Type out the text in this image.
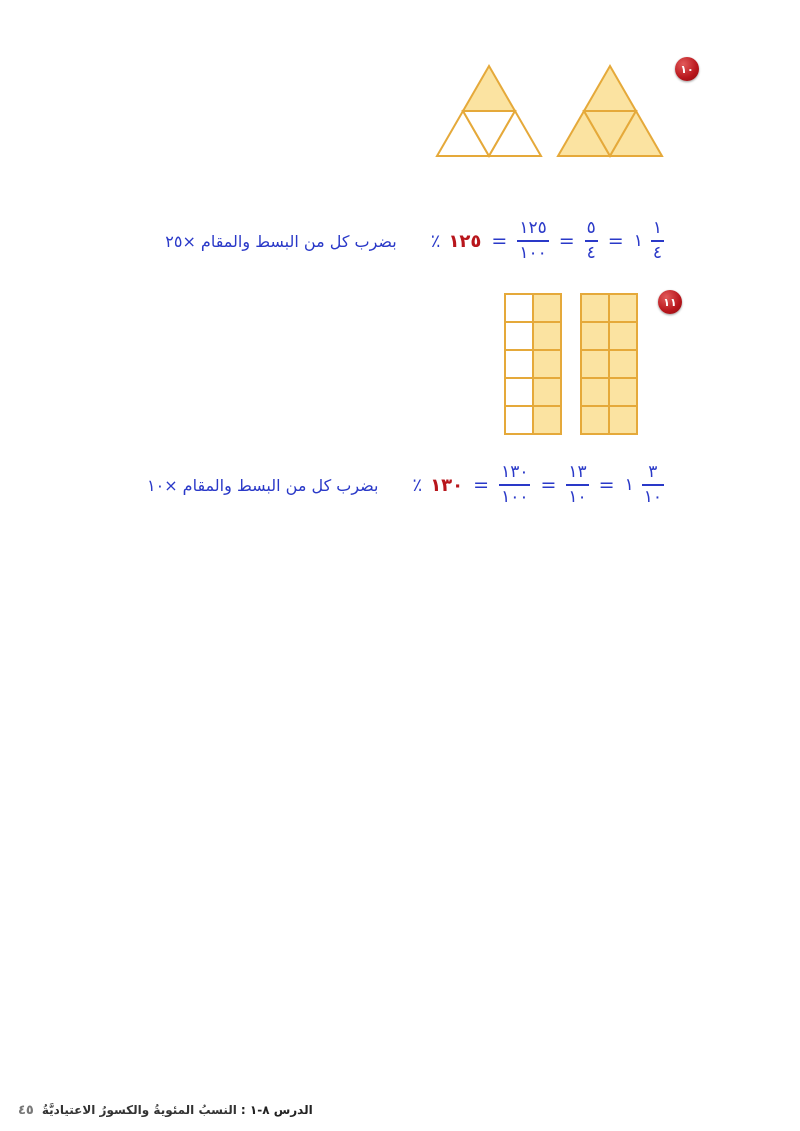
١٠
$\frac{١}{٤}$
١
=
$\frac{٥}{٤}$
=
$\frac{١٢٥}{١٠٠}$
=
١٢٥
٪
بضرب كل من البسط والمقام ×٢٥
١١
$\frac{٣}{١٠}$
١
=
$\frac{١٣}{١٠}$
=
$\frac{١٣٠}{١٠٠}$
=
١٣٠
٪
بضرب كل من البسط والمقام ×١٠
الدرس ٨-١ :
النسبُ المئويةُ والكسورُ الاعتياديَّةُ
٤٥
